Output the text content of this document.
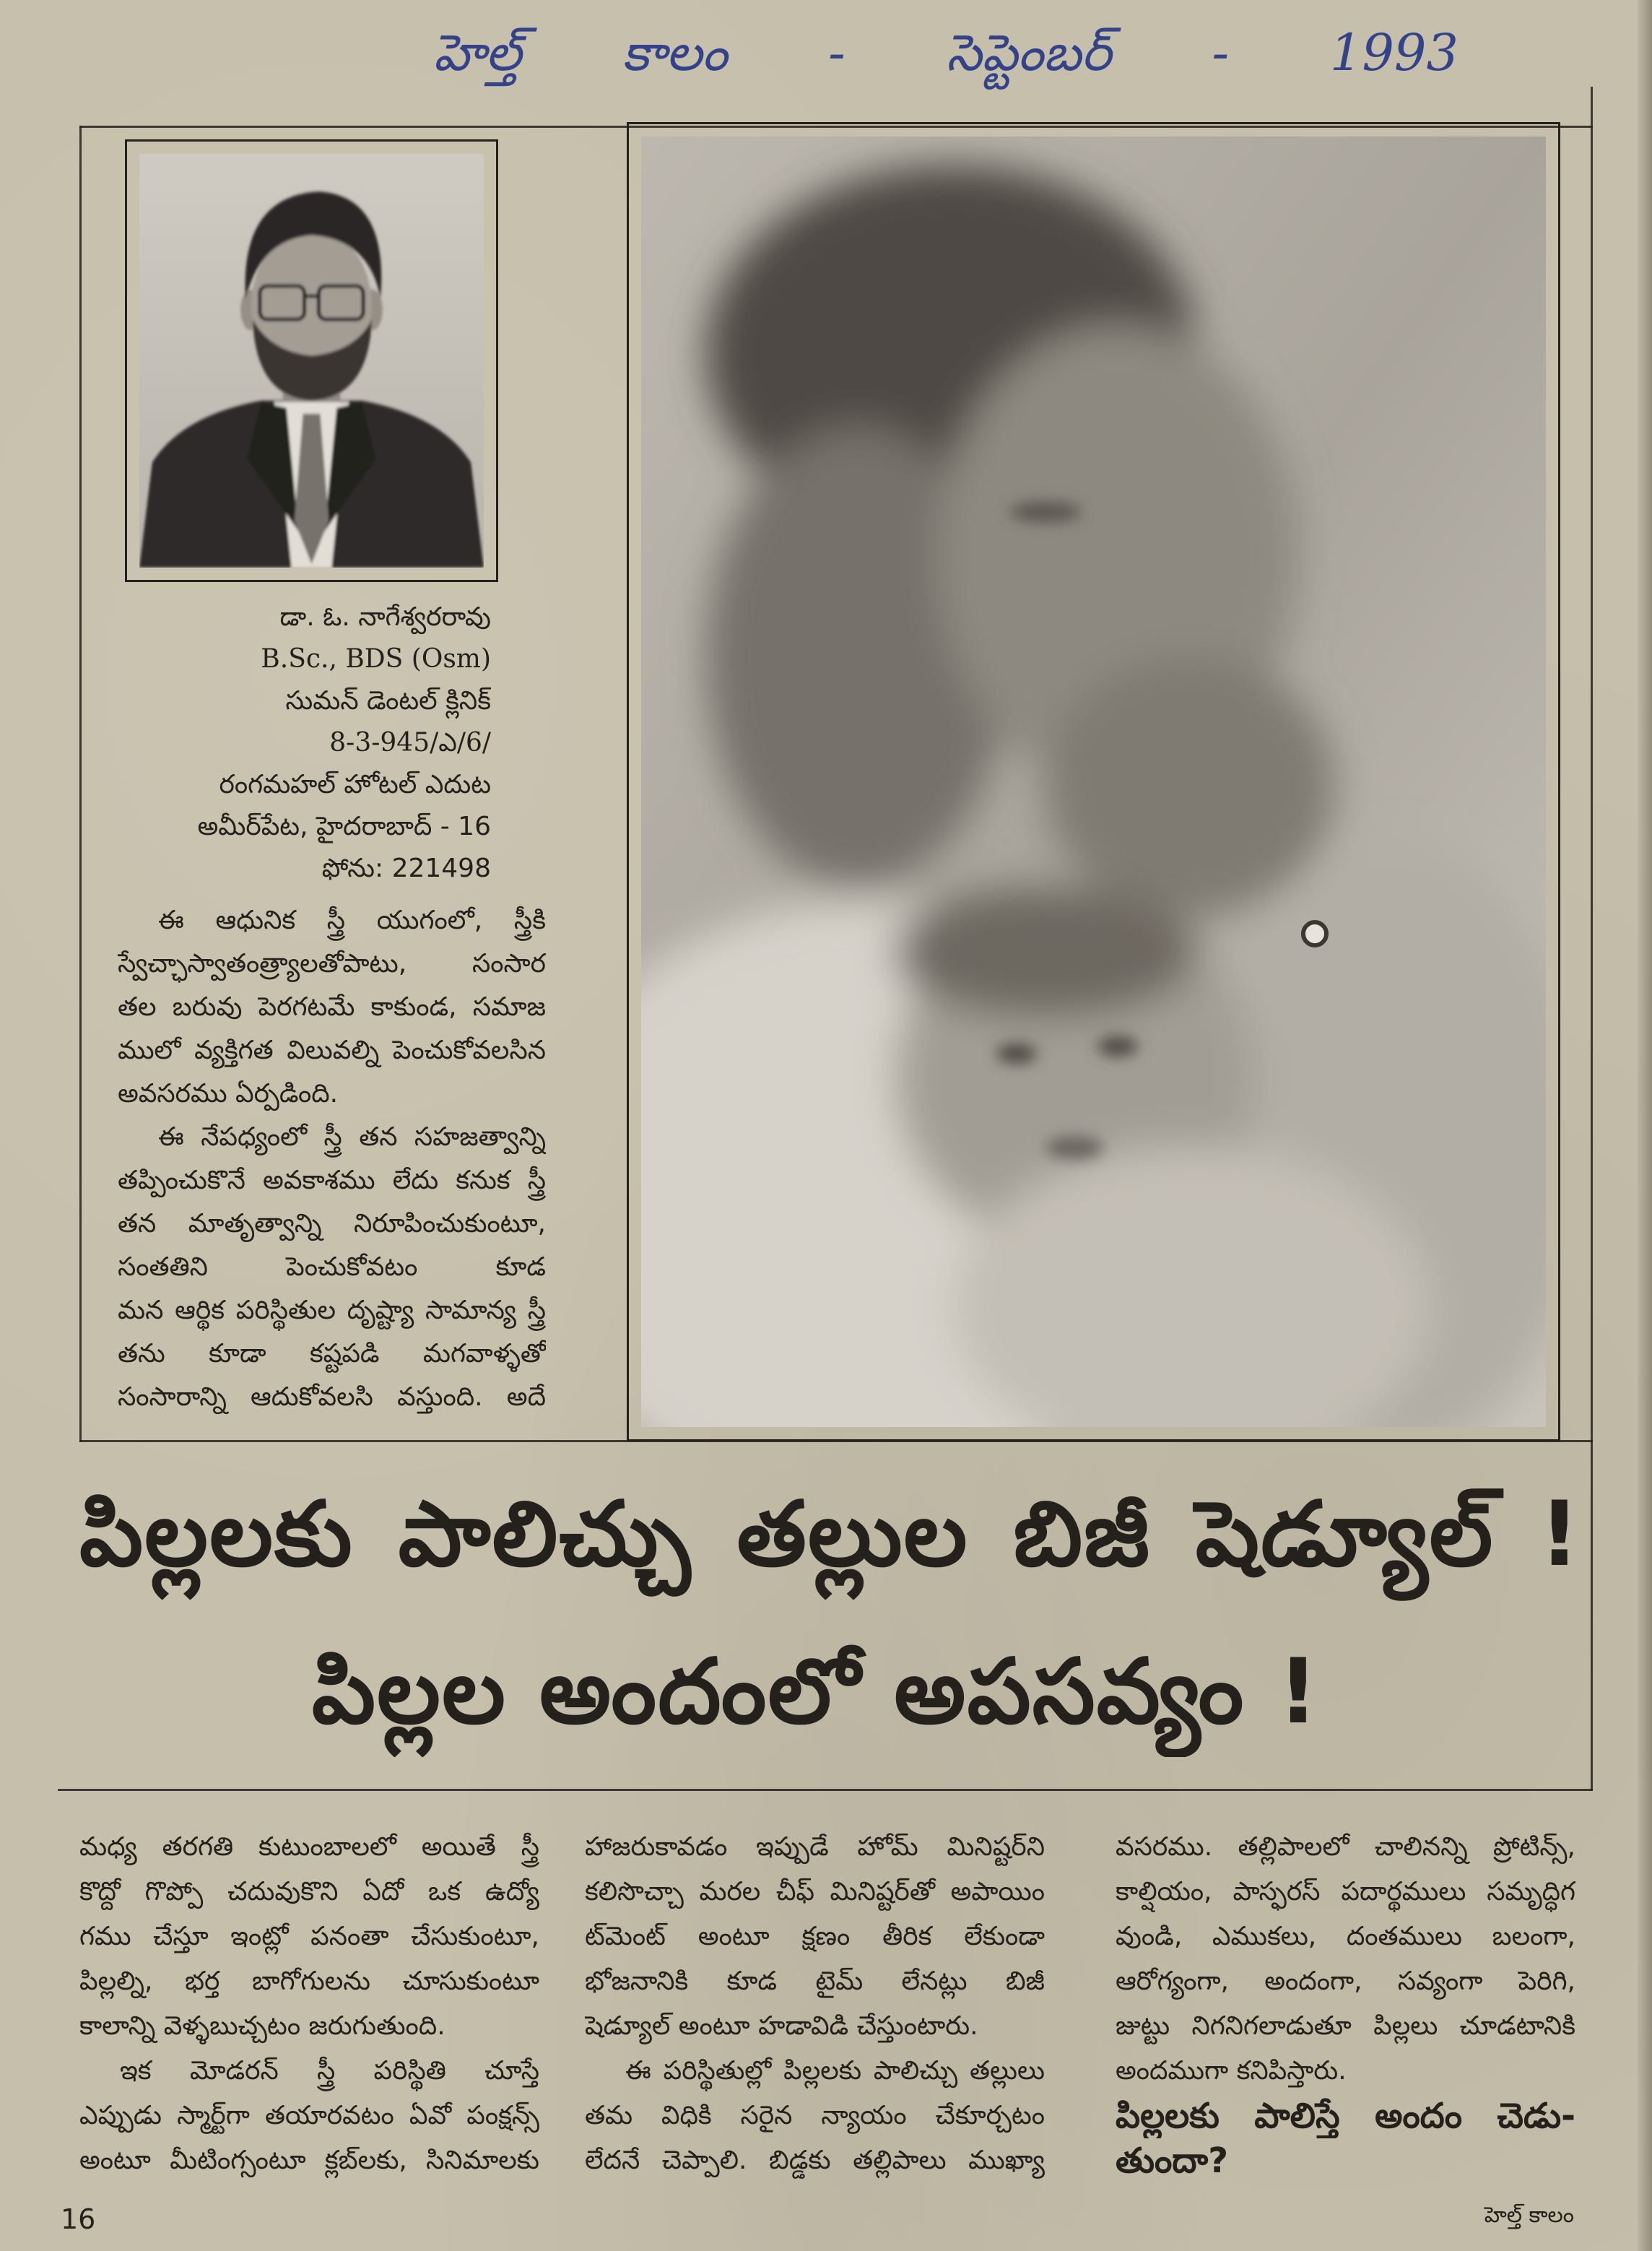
హెల్త్ కాలం - సెప్టెంబర్ - 1993
డా. ఓ. నాగేశ్వరరావు
B.Sc., BDS (Osm)
సుమన్ డెంటల్ క్లినిక్
8-3-945/ఎ/6/
రంగమహల్ హోటల్ ఎదుట
అమీర్‌పేట, హైదరాబాద్ - 16
ఫోను: 221498
ఈ ఆధునిక స్త్రీ యుగంలో, స్త్రీకి
స్వేచ్ఛాస్వాతంత్ర్యాలతోపాటు, సంసార
తల బరువు పెరగటమే కాకుండ, సమాజ
ములో వ్యక్తిగత విలువల్ని పెంచుకోవలసిన
అవసరము ఏర్పడింది.
ఈ నేపధ్యంలో స్త్రీ తన సహజత్వాన్ని
తప్పించుకొనే అవకాశము లేదు కనుక స్త్రీ
తన మాతృత్వాన్ని నిరూపించుకుంటూ,
సంతతిని పెంచుకోవటం కూడ
మన ఆర్థిక పరిస్థితుల దృష్ట్యా సామాన్య స్త్రీ
తను కూడా కష్టపడి మగవాళ్ళతో
సంసారాన్ని ఆదుకోవలసి వస్తుంది. అదే
పిల్లలకు పాలిచ్చు తల్లుల బిజీ షెడ్యూల్ !
పిల్లల అందంలో అపసవ్యం !
మధ్య తరగతి కుటుంబాలలో అయితే స్త్రీ
కొద్దో గొప్పో చదువుకొని ఏదో ఒక ఉద్యో
గము చేస్తూ ఇంట్లో పనంతా చేసుకుంటూ,
పిల్లల్ని, భర్త బాగోగులను చూసుకుంటూ
కాలాన్ని వెళ్ళబుచ్చటం జరుగుతుంది.
ఇక మోడరన్ స్త్రీ పరిస్థితి చూస్తే
ఎప్పుడు స్మార్ట్‌గా తయారవటం ఏవో పంక్షన్స్
అంటూ మీటింగ్సంటూ క్లబ్‌లకు, సినిమాలకు
హాజరుకావడం ఇప్పుడే హోమ్ మినిష్టర్‌ని
కలిసొచ్చా మరల చీఫ్ మినిష్టర్‌తో అపాయిం
ట్‌మెంట్ అంటూ క్షణం తీరిక లేకుండా
భోజనానికి కూడ టైమ్ లేనట్లు బిజీ
షెడ్యూల్ అంటూ హడావిడి చేస్తుంటారు.
ఈ పరిస్థితుల్లో పిల్లలకు పాలిచ్చు తల్లులు
తమ విధికి సరైన న్యాయం చేకూర్చటం
లేదనే చెప్పాలి. బిడ్డకు తల్లిపాలు ముఖ్యా
వసరము. తల్లిపాలలో చాలినన్ని ప్రోటిన్స్,
కాల్షియం, పాస్ఫరస్ పదార్థములు సమృద్ధిగ
వుండి, ఎముకలు, దంతములు బలంగా,
ఆరోగ్యంగా, అందంగా, సవ్యంగా పెరిగి,
జుట్టు నిగనిగలాడుతూ పిల్లలు చూడటానికి
అందముగా కనిపిస్తారు.
పిల్లలకు పాలిస్తే అందం చెడు-
తుందా?
16	హెల్త్ కాలం
